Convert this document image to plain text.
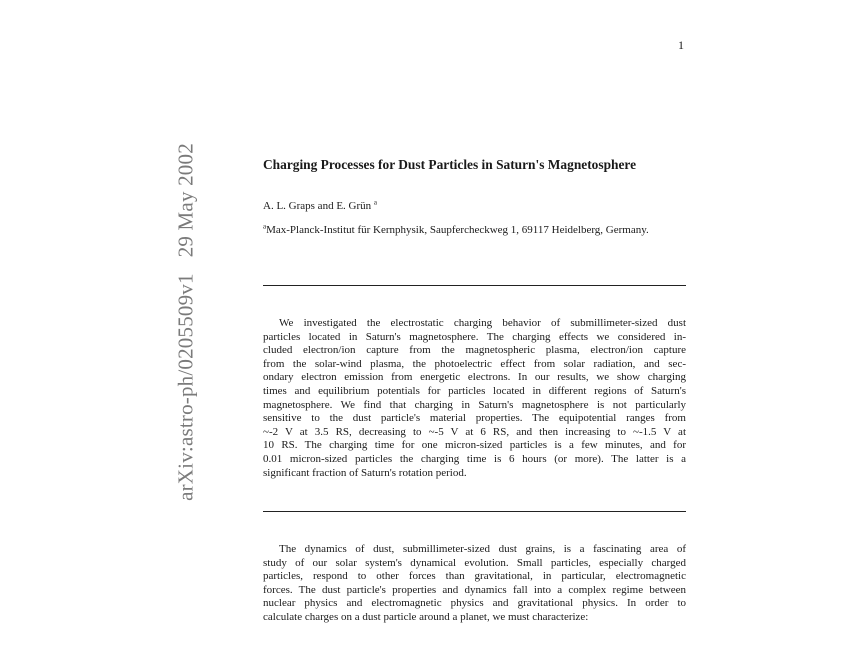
1
arXiv:astro-ph/0205509v129 May 2002	Charging Processes for Dust Particles in Saturn's Magnetosphere
A. L. Graps and E. Grün $^a$
$^a$Max-Planck-Institut für Kernphysik, Saupfercheckweg 1, 69117 Heidelberg, Germany.
We investigated the electrostatic charging behavior of submillimeter-sized dust
particles located in Saturn's magnetosphere. The charging effects we considered in-
cluded electron/ion capture from the magnetospheric plasma, electron/ion capture
from the solar-wind plasma, the photoelectric effect from solar radiation, and sec-
ondary electron emission from energetic electrons. In our results, we show charging
times and equilibrium potentials for particles located in different regions of Saturn's
magnetosphere. We find that charging in Saturn's magnetosphere is not particularly
sensitive to the dust particle's material properties. The equipotential ranges from
~-2 V at 3.5 RS, decreasing to ~-5 V at 6 RS, and then increasing to ~-1.5 V at
10 RS. The charging time for one micron-sized particles is a few minutes, and for
0.01 micron-sized particles the charging time is 6 hours (or more). The latter is a
significant fraction of Saturn's rotation period.
The dynamics of dust, submillimeter-sized dust grains, is a fascinating area of
study of our solar system's dynamical evolution. Small particles, especially charged
particles, respond to other forces than gravitational, in particular, electromagnetic
forces. The dust particle's properties and dynamics fall into a complex regime between
nuclear physics and electromagnetic physics and gravitational physics. In order to
calculate charges on a dust particle around a planet, we must characterize:
